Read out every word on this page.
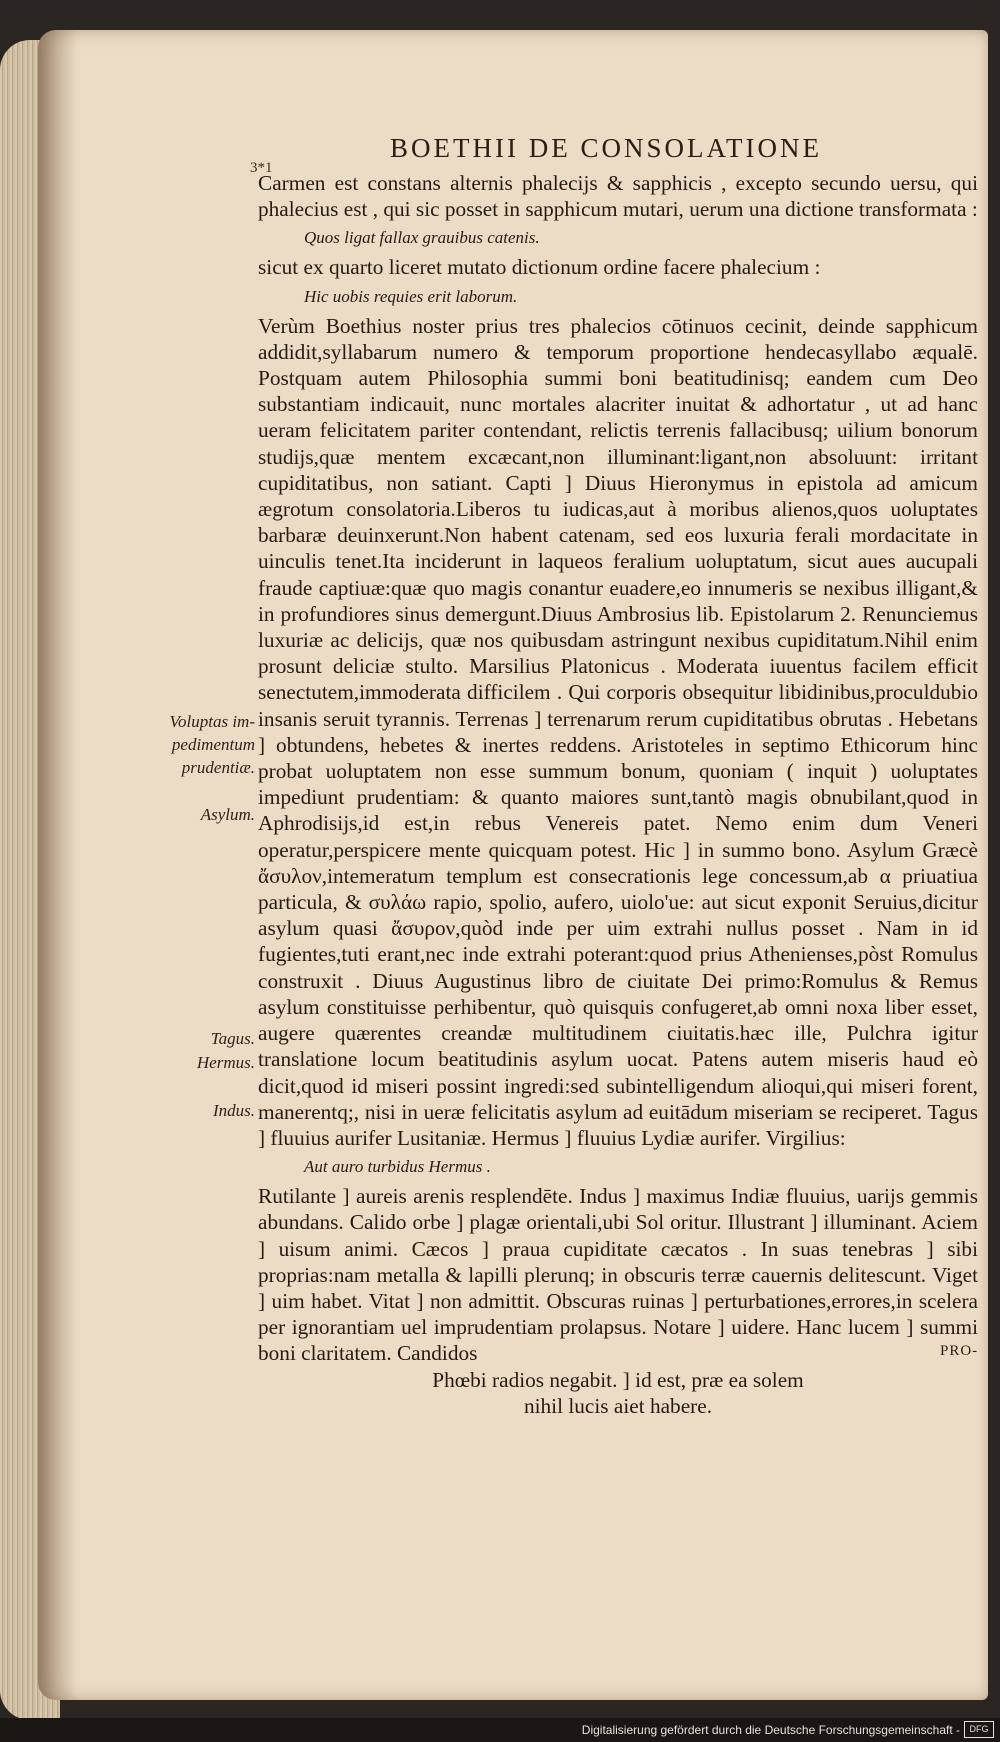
3*1
BOETHII DE CONSOLATIONE

Carmen est constans alternis phalecijs & sapphicis , excepto secundo uersu, qui phalecius est , qui sic posset in sapphicum mutari, uerum una dictione transformata :

Quos ligat fallax grauibus catenis.

sicut ex quarto liceret mutato dictionum ordine facere phalecium :

Hic uobis requies erit laborum.

Verùm Boethius noster prius tres phalecios cōtinuos cecinit, deinde sapphicum addidit,syllabarum numero & temporum proportione hendecasyllabo æqualē. Postquam autem Philosophia summi boni beatitudinisq; eandem cum Deo substantiam indicauit, nunc mortales alacriter inuitat & adhortatur , ut ad hanc ueram felicitatem pariter contendant, relictis terrenis fallacibusq; uilium bonorum studijs,quæ mentem excæcant,non illuminant:ligant,non absoluunt: irritant cupiditatibus, non satiant. Capti ] Diuus Hieronymus in epistola ad amicum ægrotum consolatoria.Liberos tu iudicas,aut à moribus alienos,quos uoluptates barbaræ deuinxerunt.Non habent catenam, sed eos luxuria ferali mordacitate in uinculis tenet.Ita inciderunt in laqueos feralium uoluptatum, sicut aues aucupali fraude captiuæ:quæ quo magis conantur euadere,eo innumeris se nexibus illigant,& in profundiores sinus demergunt.Diuus Ambrosius lib. Epistolarum 2. Renunciemus luxuriæ ac delicijs, quæ nos quibusdam astringunt nexibus cupiditatum.Nihil enim prosunt deliciæ stulto. Marsilius Platonicus . Moderata iuuentus facilem efficit senectutem,immoderata difficilem . Qui corporis obsequitur libidinibus,proculdubio insanis seruit tyrannis. Terrenas ] terrenarum rerum cupiditatibus obrutas . Hebetans ] obtundens, hebetes & inertes reddens. Aristoteles in septimo Ethicorum hinc probat uoluptatem non esse summum bonum, quoniam ( inquit ) uoluptates impediunt prudentiam: & quanto maiores sunt,tantò magis obnubilant,quod in Aphrodisijs,id est,in rebus Venereis patet. Nemo enim dum Veneri operatur,perspicere mente quicquam potest. Hic ] in summo bono. Asylum Græcè ἄσυλον,intemeratum templum est consecrationis lege concessum,ab α priuatiua particula, & συλάω rapio, spolio, aufero, uiolo'ue: aut sicut exponit Seruius,dicitur asylum quasi ἄσυρον,quòd inde per uim extrahi nullus posset . Nam in id fugientes,tuti erant,nec inde extrahi poterant:quod prius Athenienses,pòst Romulus construxit . Diuus Augustinus libro de ciuitate Dei primo:Romulus & Remus asylum constituisse perhibentur, quò quisquis confugeret,ab omni noxa liber esset, augere quærentes creandæ multitudinem ciuitatis.hæc ille, Pulchra igitur translatione locum beatitudinis asylum uocat. Patens autem miseris haud eò dicit,quod id miseri possint ingredi:sed subintelligendum alioqui,qui miseri forent, manerentq;, nisi in ueræ felicitatis asylum ad euitādum miseriam se reciperet. Tagus ] fluuius aurifer Lusitaniæ. Hermus ] fluuius Lydiæ aurifer. Virgilius:

Aut auro turbidus Hermus .

Rutilante ] aureis arenis resplendēte. Indus ] maximus Indiæ fluuius, uarijs gemmis abundans. Calido orbe ] plagæ orientali,ubi Sol oritur. Illustrant ] illuminant. Aciem ] uisum animi. Cæcos ] praua cupiditate cæcatos . In suas tenebras ] sibi proprias:nam metalla & lapilli plerunq; in obscuris terræ cauernis delitescunt. Viget ] uim habet. Vitat ] non admittit. Obscuras ruinas ] perturbationes,errores,in scelera per ignorantiam uel imprudentiam prolapsus. Notare ] uidere. Hanc lucem ] summi boni claritatem. Candidos

Phœbi radios negabit. ] id est, præ ea solem

nihil lucis aiet habere.

Voluptas im-
pedimentum
prudentiæ.
Asylum.
Tagus.
Hermus.
Indus.
PRO-
Digitalisierung gefördert durch die Deutsche Forschungsgemeinschaft -	DFG
